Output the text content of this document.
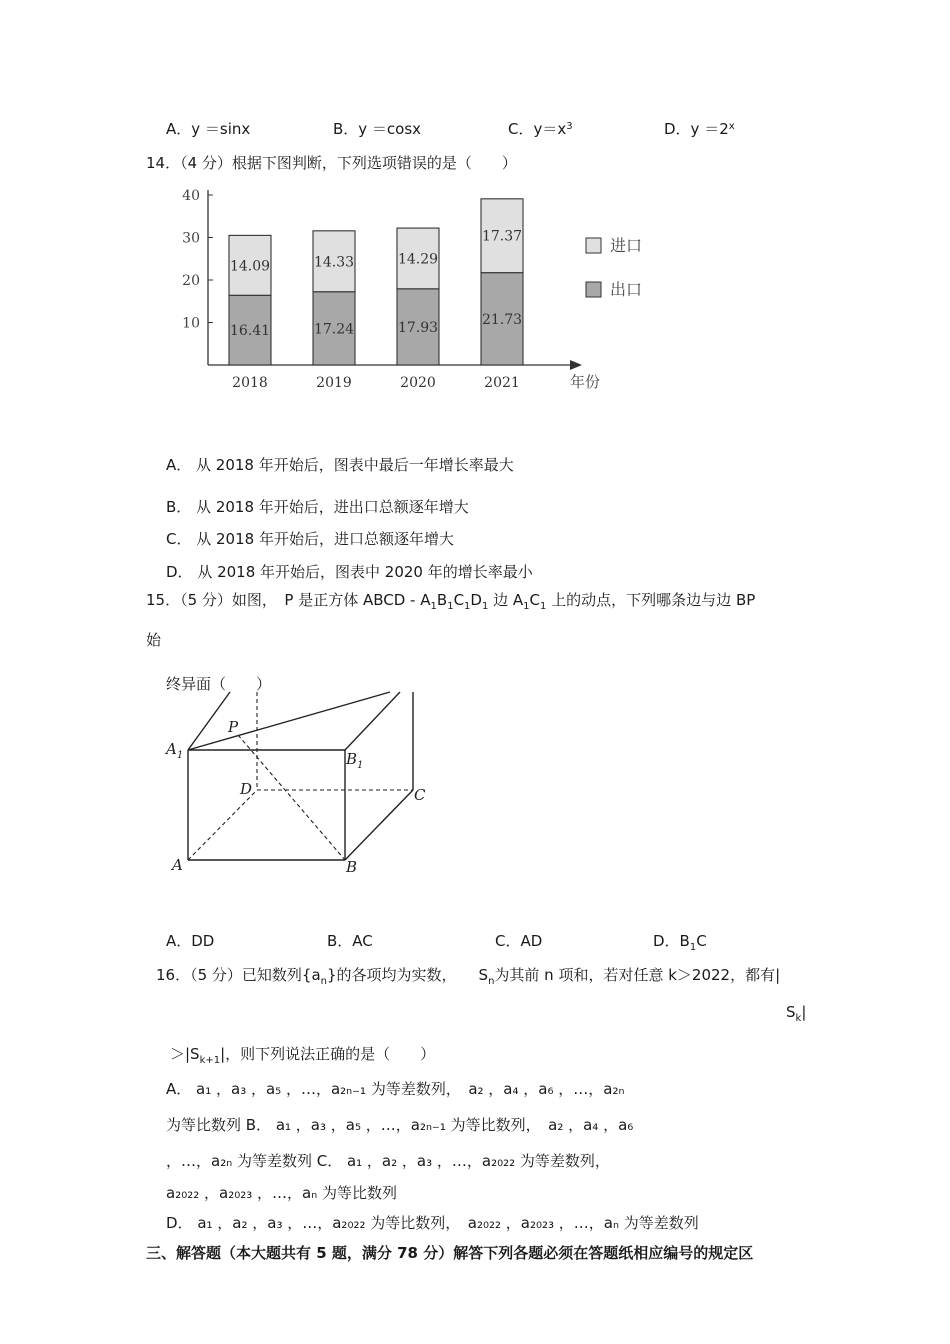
A．y ＝sinx	B．y ＝cosx	C．$y=x^3$	D．$y =2^x$
14．（4 分）根据下图判断，下列选项错误的是（　　）
10
20
30
40
16.41
14.09
2018
17.24
14.33
2019
17.93
14.29
2020
21.73
17.37
2021	年份
进口
出口
A． 从 2018 年开始后，图表中最后一年增长率最大
B． 从 2018 年开始后，进出口总额逐年增大
C． 从 2018 年开始后，进口总额逐年增大
D． 从 2018 年开始后，图表中 2020 年的增长率最小
15．（5 分）如图，　P 是正方体 ABCD - $A_1B_1C_1D_1$ 边 $A_1C_1$ 上的动点，下列哪条边与边 BP
始
终异面（　　）
$A_1$	$B_1$
P
D	C
A	B
A．DD	B．AC	C．AD	D．$B_1C$
16．（5 分）已知数列$\{a_n\}$的各项均为实数， $S_n$为其前 n 项和，若对任意 k＞2022，都有|
$S_k|$
$>|S_{k+1}|$，则下列说法正确的是（　　）
A． a₁ ，a₃ ，a₅ ，…，a₂ₙ₋₁ 为等差数列，　a₂ ，a₄ ，a₆ ，…，a₂ₙ
为等比数列 B． a₁ ，a₃ ，a₅ ，…，a₂ₙ₋₁ 为等比数列，　a₂ ，a₄ ，a₆
，…，a₂ₙ 为等差数列 C． a₁ ，a₂ ，a₃ ，…，a₂₀₂₂ 为等差数列，
a₂₀₂₂ ，a₂₀₂₃ ，…，aₙ 为等比数列
D． a₁ ，a₂ ，a₃ ，…，a₂₀₂₂ 为等比数列，　a₂₀₂₂ ，a₂₀₂₃ ，…，aₙ 为等差数列
三、解答题（本大题共有 5 题，满分 78 分）解答下列各题必须在答题纸相应编号的规定区
